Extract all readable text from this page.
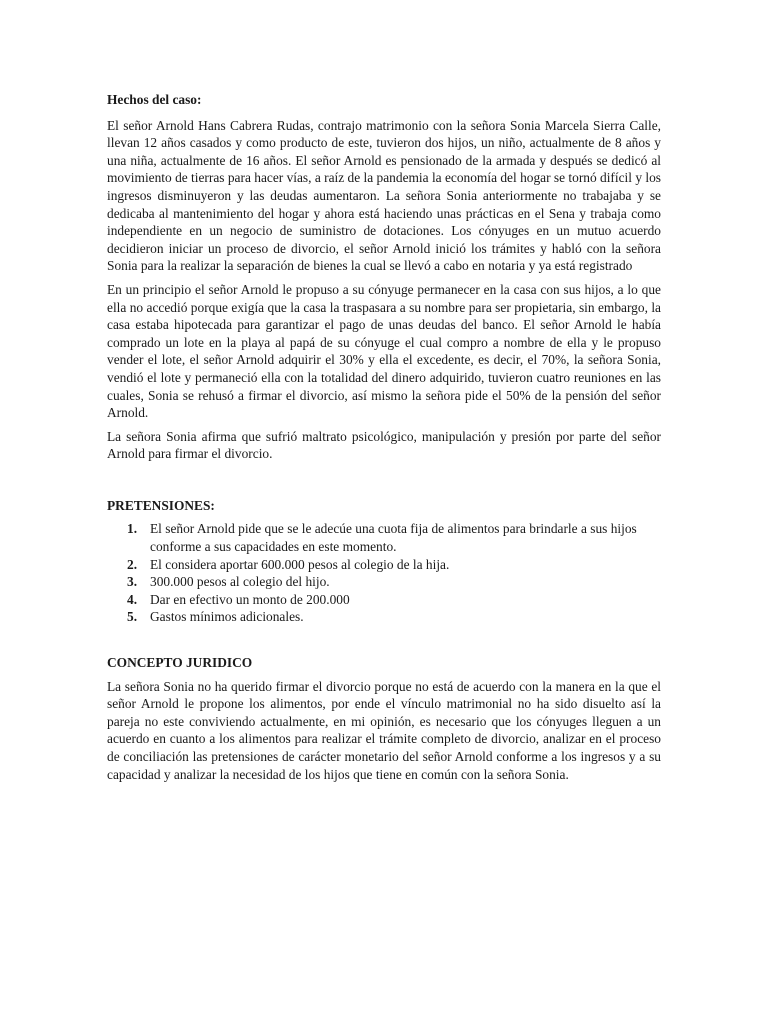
Hechos del caso:

El señor Arnold Hans Cabrera Rudas, contrajo matrimonio con la señora Sonia Marcela Sierra Calle, llevan 12 años casados y como producto de este, tuvieron dos hijos, un niño, actualmente de 8 años y una niña, actualmente de 16 años. El señor Arnold es pensionado de la armada y después se dedicó al movimiento de tierras para hacer vías, a raíz de la pandemia la economía del hogar se tornó difícil y los ingresos disminuyeron y las deudas aumentaron. La señora Sonia anteriormente no trabajaba y se dedicaba al mantenimiento del hogar y ahora está haciendo unas prácticas en el Sena y trabaja como independiente en un negocio de suministro de dotaciones. Los cónyuges en un mutuo acuerdo decidieron iniciar un proceso de divorcio, el señor Arnold inició los trámites y habló con la señora Sonia para la realizar la separación de bienes la cual se llevó a cabo en notaria y ya está registrado

En un principio el señor Arnold le propuso a su cónyuge permanecer en la casa con sus hijos, a lo que ella no accedió porque exigía que la casa la traspasara a su nombre para ser propietaria, sin embargo, la casa estaba hipotecada para garantizar el pago de unas deudas del banco. El señor Arnold le había comprado un lote en la playa al papá de su cónyuge el cual compro a nombre de ella y le propuso vender el lote, el señor Arnold adquirir el 30% y ella el excedente, es decir, el 70%, la señora Sonia, vendió el lote y permaneció ella con la totalidad del dinero adquirido, tuvieron cuatro reuniones en las cuales, Sonia se rehusó a firmar el divorcio, así mismo la señora pide el 50% de la pensión del señor Arnold.

La señora Sonia afirma que sufrió maltrato psicológico, manipulación y presión por parte del señor Arnold para firmar el divorcio.

PRETENSIONES:

1. El señor Arnold pide que se le adecúe una cuota fija de alimentos para brindarle a sus hijos conforme a sus capacidades en este momento.
2. El considera aportar 600.000 pesos al colegio de la hija.
3. 300.000 pesos al colegio del hijo.
4. Dar en efectivo un monto de 200.000
5. Gastos mínimos adicionales.

CONCEPTO JURIDICO

La señora Sonia no ha querido firmar el divorcio porque no está de acuerdo con la manera en la que el señor Arnold le propone los alimentos, por ende el vínculo matrimonial no ha sido disuelto así la pareja no este conviviendo actualmente, en mi opinión, es necesario que los cónyuges lleguen a un acuerdo en cuanto a los alimentos para realizar el trámite completo de divorcio, analizar en el proceso de conciliación las pretensiones de carácter monetario del señor Arnold conforme a los ingresos y a su capacidad y analizar la necesidad de los hijos que tiene en común con la señora Sonia.
